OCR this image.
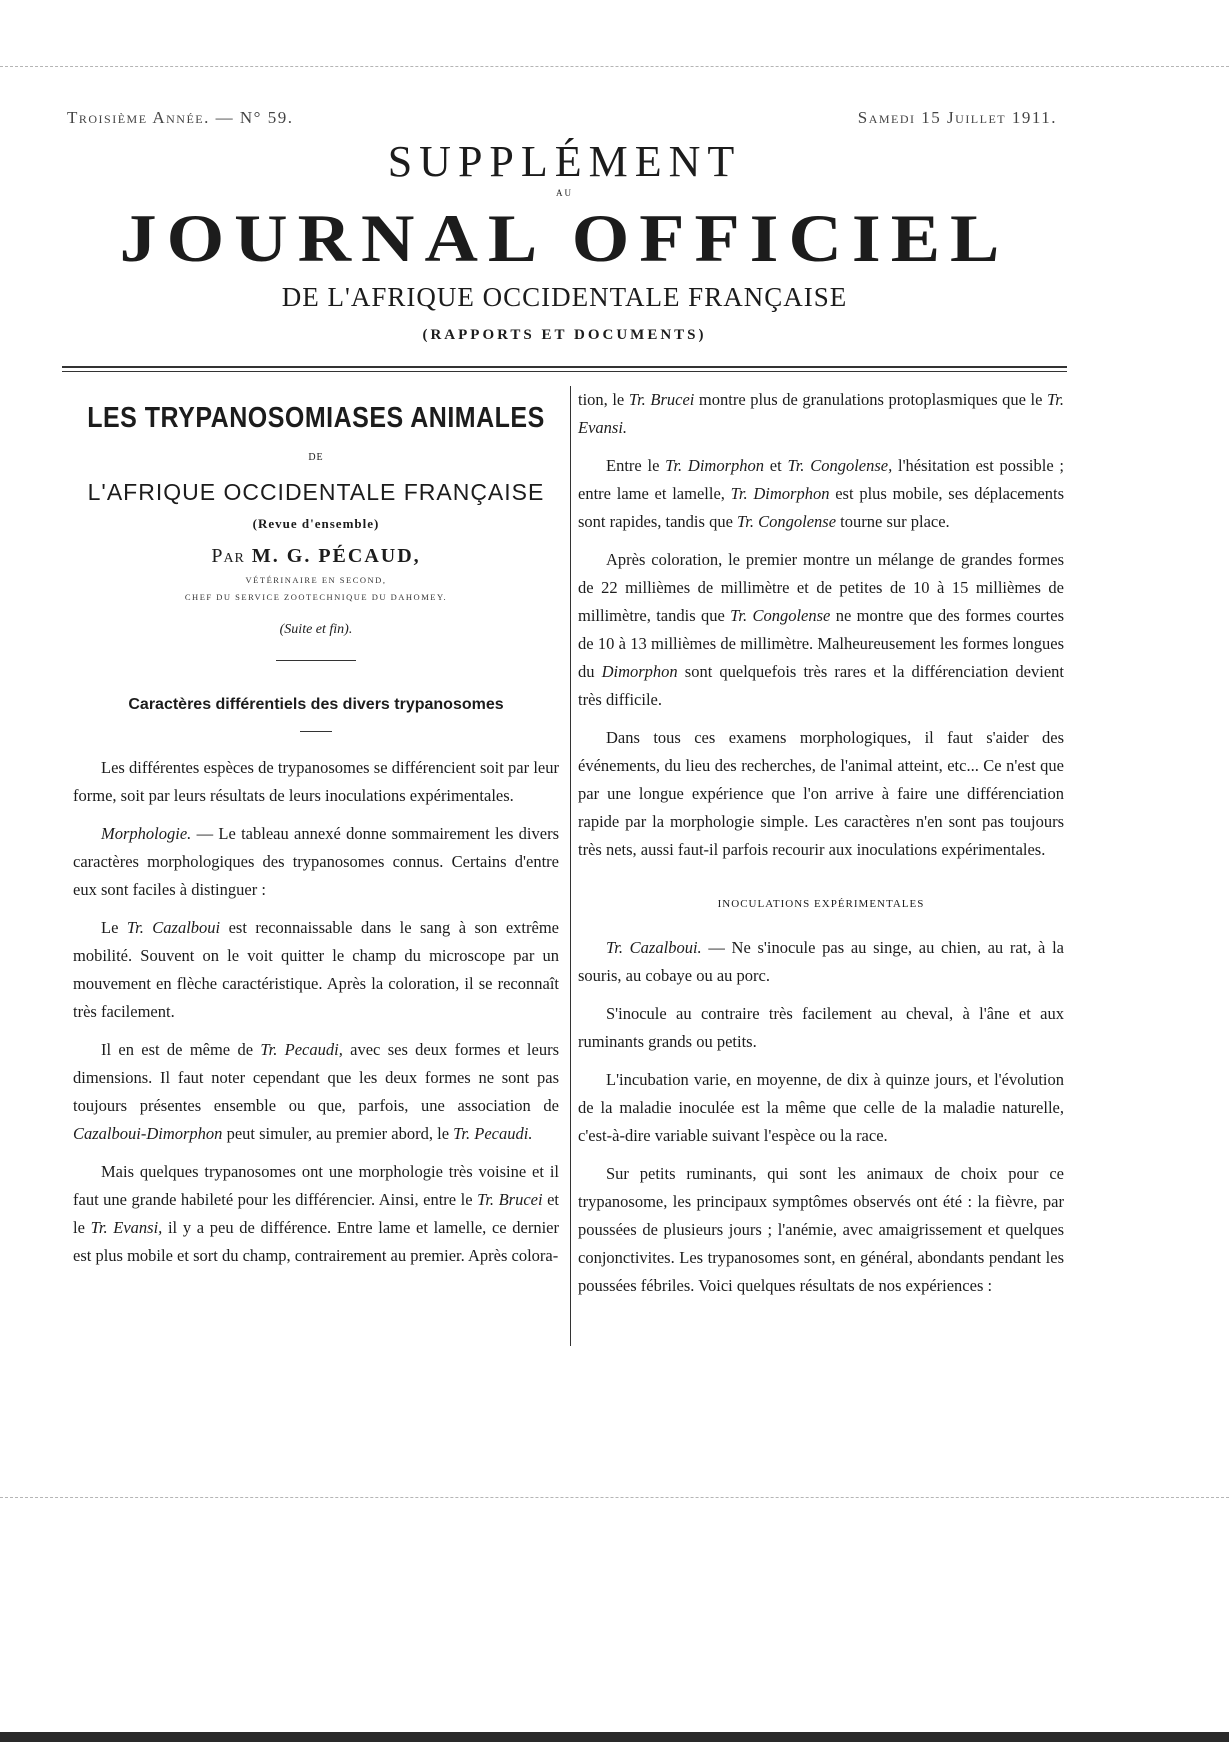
Troisième Année. — N° 59.	Samedi 15 Juillet 1911.
SUPPLÉMENT
AU
JOURNAL OFFICIEL
DE L'AFRIQUE OCCIDENTALE FRANÇAISE
(RAPPORTS ET DOCUMENTS)
LES TRYPANOSOMIASES ANIMALES
DE
L'AFRIQUE OCCIDENTALE FRANÇAISE
(Revue d'ensemble)
Par M. G. PÉCAUD,
VÉTÉRINAIRE EN SECOND,
CHEF DU SERVICE ZOOTECHNIQUE DU DAHOMEY.
(Suite et fin).
Caractères différentiels des divers trypanosomes

Les différentes espèces de trypanosomes se différencient soit par leur forme, soit par leurs résultats de leurs inoculations expérimentales.

Morphologie. — Le tableau annexé donne sommairement les divers caractères morphologiques des trypanosomes connus. Certains d'entre eux sont faciles à distinguer :

Le Tr. Cazalboui est reconnaissable dans le sang à son extrême mobilité. Souvent on le voit quitter le champ du microscope par un mouvement en flèche caractéristique. Après la coloration, il se reconnaît très facilement.

Il en est de même de Tr. Pecaudi, avec ses deux formes et leurs dimensions. Il faut noter cependant que les deux formes ne sont pas toujours présentes ensemble ou que, parfois, une association de Cazalboui-Dimorphon peut simuler, au premier abord, le Tr. Pecaudi.

Mais quelques trypanosomes ont une morphologie très voisine et il faut une grande habileté pour les différencier. Ainsi, entre le Tr. Brucei et le Tr. Evansi, il y a peu de différence. Entre lame et lamelle, ce dernier est plus mobile et sort du champ, contrairement au premier. Après colora-

tion, le Tr. Brucei montre plus de granulations protoplasmiques que le Tr. Evansi.

Entre le Tr. Dimorphon et Tr. Congolense, l'hésitation est possible ; entre lame et lamelle, Tr. Dimorphon est plus mobile, ses déplacements sont rapides, tandis que Tr. Congolense tourne sur place.

Après coloration, le premier montre un mélange de grandes formes de 22 millièmes de millimètre et de petites de 10 à 15 millièmes de millimètre, tandis que Tr. Congolense ne montre que des formes courtes de 10 à 13 millièmes de millimètre. Malheureusement les formes longues du Dimorphon sont quelquefois très rares et la différenciation devient très difficile.

Dans tous ces examens morphologiques, il faut s'aider des événements, du lieu des recherches, de l'animal atteint, etc... Ce n'est que par une longue expérience que l'on arrive à faire une différenciation rapide par la morphologie simple. Les caractères n'en sont pas toujours très nets, aussi faut-il parfois recourir aux inoculations expérimentales.

INOCULATIONS EXPÉRIMENTALES

Tr. Cazalboui. — Ne s'inocule pas au singe, au chien, au rat, à la souris, au cobaye ou au porc.

S'inocule au contraire très facilement au cheval, à l'âne et aux ruminants grands ou petits.

L'incubation varie, en moyenne, de dix à quinze jours, et l'évolution de la maladie inoculée est la même que celle de la maladie naturelle, c'est-à-dire variable suivant l'espèce ou la race.

Sur petits ruminants, qui sont les animaux de choix pour ce trypanosome, les principaux symptômes observés ont été : la fièvre, par poussées de plusieurs jours ; l'anémie, avec amaigrissement et quelques conjonctivites. Les trypanosomes sont, en général, abondants pendant les poussées fébriles. Voici quelques résultats de nos expériences :
